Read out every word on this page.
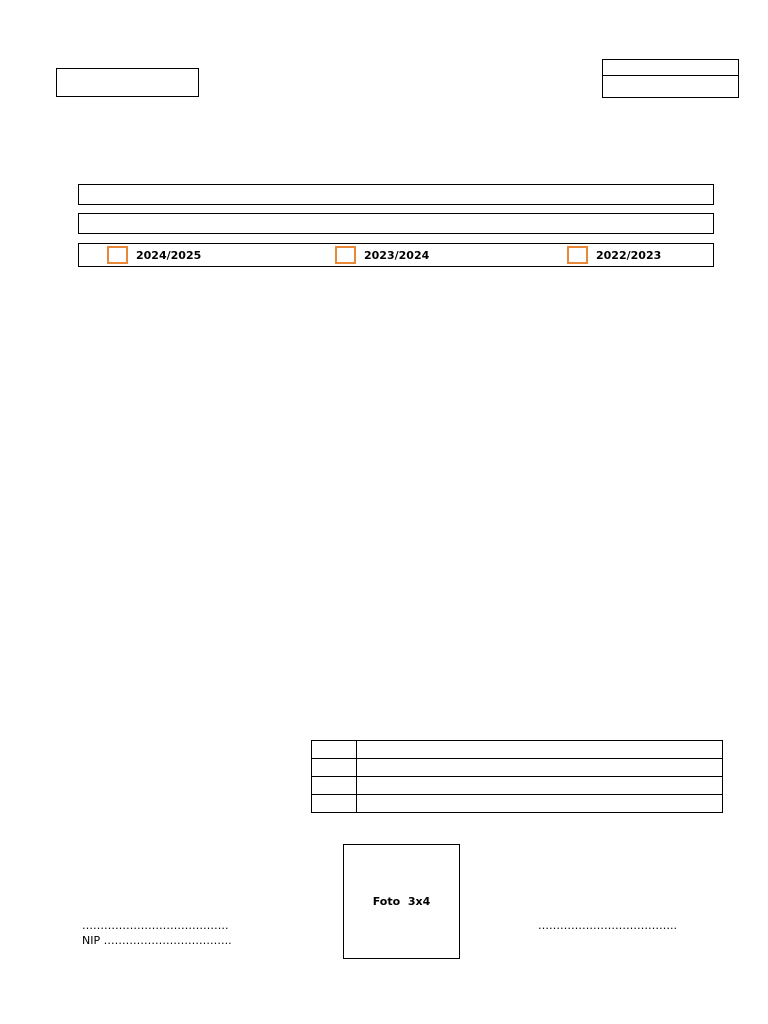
2024/2025	2023/2024	2022/2023

Foto  3x4
………………………………….
NIP ……………………………..
………………………………..
